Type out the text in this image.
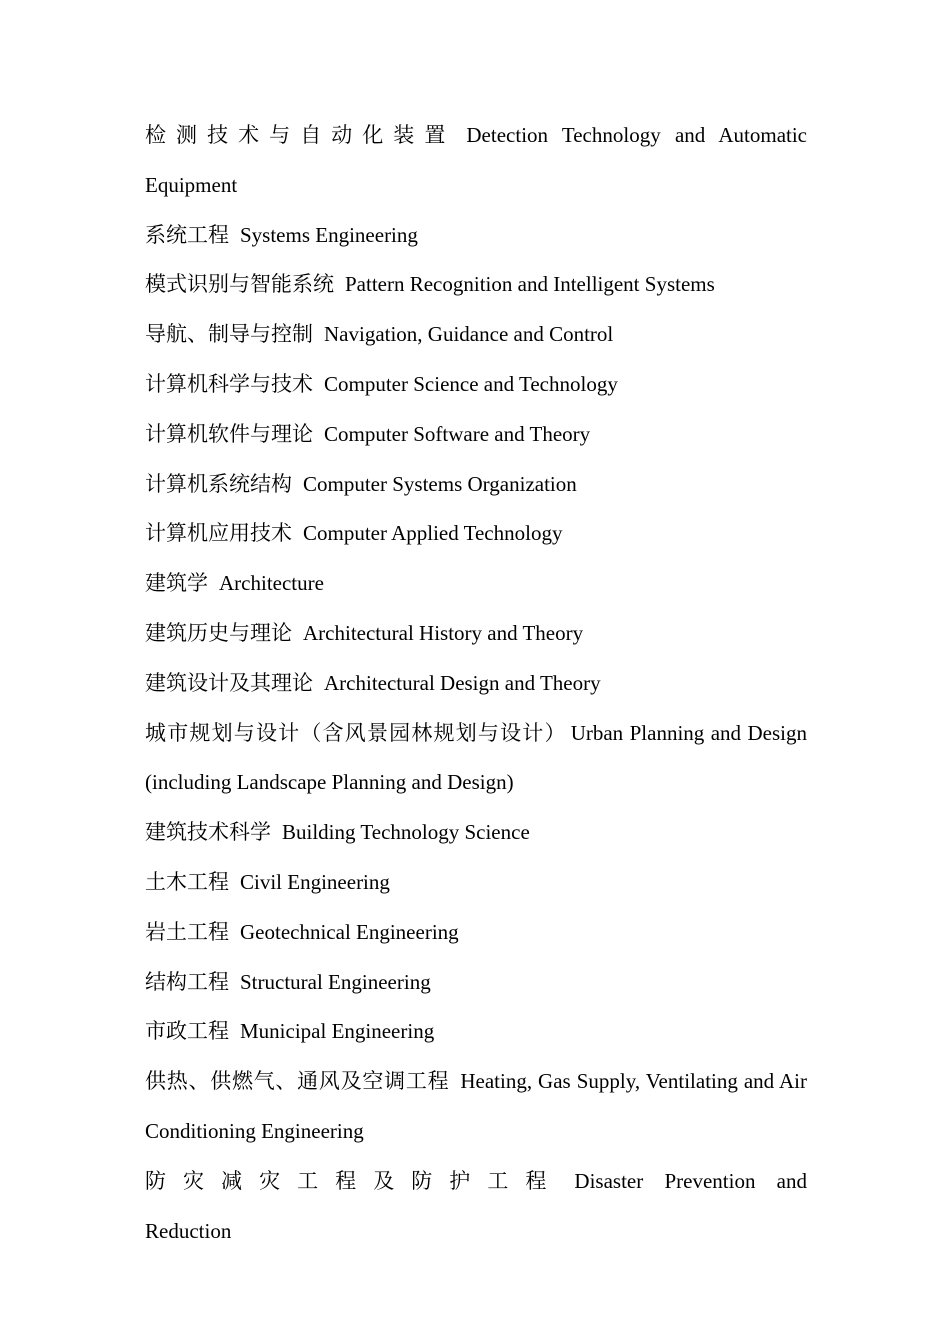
检测技术与自动化装置 Detection Technology and Automatic Equipment
系统工程 Systems Engineering
模式识别与智能系统 Pattern Recognition and Intelligent Systems
导航、制导与控制 Navigation, Guidance and Control
计算机科学与技术 Computer Science and Technology
计算机软件与理论 Computer Software and Theory
计算机系统结构 Computer Systems Organization
计算机应用技术 Computer Applied Technology
建筑学 Architecture
建筑历史与理论 Architectural History and Theory
建筑设计及其理论 Architectural Design and Theory
城市规划与设计（含风景园林规划与设计） Urban Planning and Design (including Landscape Planning and Design)
建筑技术科学 Building Technology Science
土木工程 Civil Engineering
岩土工程 Geotechnical Engineering
结构工程 Structural Engineering
市政工程 Municipal Engineering
供热、供燃气、通风及空调工程 Heating, Gas Supply, Ventilating and Air Conditioning Engineering
防灾减灾工程及防护工程 Disaster Prevention and Reduction
